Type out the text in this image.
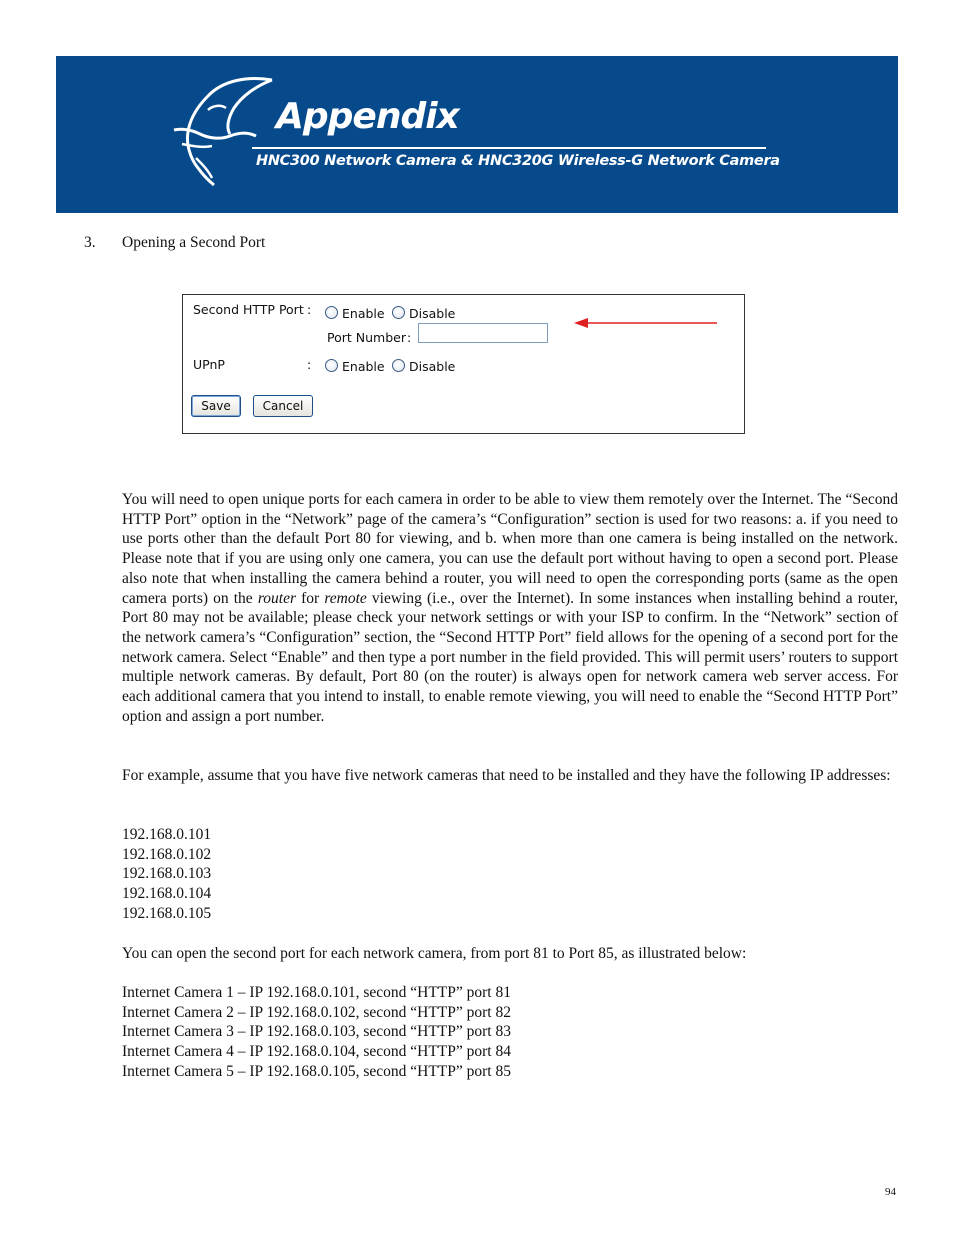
Appendix
HNC300 Network Camera & HNC320G Wireless-G Network Camera
3. Opening a Second Port
Second HTTP Port : Enable Disable
Port Number :
UPnP	: Enable Disable
Save	Cancel
You will need to open unique ports for each camera in order to be able to view them remotely over the Internet. The “Second HTTP Port” option in the “Network” page of the camera’s “Configuration” section is used for two reasons: a. if you need to use ports other than the default Port 80 for viewing, and b. when more than one camera is being installed on the network. Please note that if you are using only one camera, you can use the default port without having to open a second port. Please also note that when installing the camera behind a router, you will need to open the corresponding ports (same as the open camera ports) on the router for remote viewing (i.e., over the Internet). In some instances when installing behind a router, Port 80 may not be available; please check your network settings or with your ISP to confirm. In the “Network” section of the network camera’s “Configuration” section, the “Second HTTP Port” field allows for the opening of a second port for the network camera. Select “Enable” and then type a port number in the field provided. This will permit users’ routers to support multiple network cameras. By default, Port 80 (on the router) is always open for network camera web server access. For each additional camera that you intend to install, to enable remote viewing, you will need to enable the “Second HTTP Port” option and assign a port number.
For example, assume that you have five network cameras that need to be installed and they have the following IP addresses:
192.168.0.101
192.168.0.102
192.168.0.103
192.168.0.104
192.168.0.105
You can open the second port for each network camera, from port 81 to Port 85, as illustrated below:
Internet Camera 1 – IP 192.168.0.101, second “HTTP” port 81
Internet Camera 2 – IP 192.168.0.102, second “HTTP” port 82
Internet Camera 3 – IP 192.168.0.103, second “HTTP” port 83
Internet Camera 4 – IP 192.168.0.104, second “HTTP” port 84
Internet Camera 5 – IP 192.168.0.105, second “HTTP” port 85
94
